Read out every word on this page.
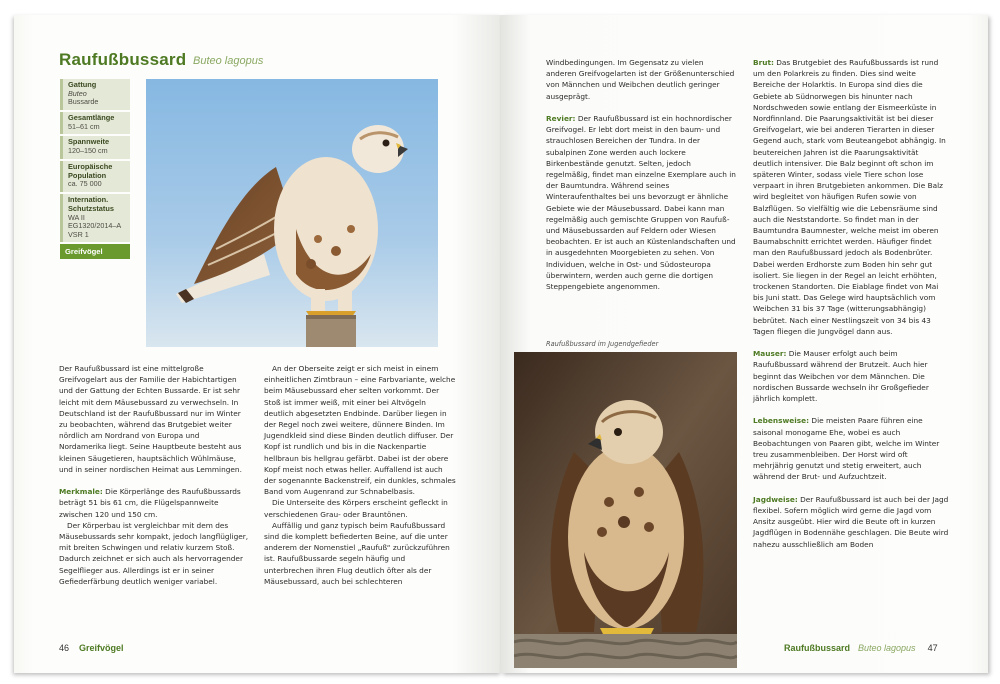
Raufußbussard Buteo lagopus
Gattung
Buteo
Bussarde
Gesamtlänge
51–61 cm
Spannweite
120–150 cm
Europäische Population
ca. 75 000
Internation. Schutzstatus
WA II
EG1320/2014–A
VSR 1
Greifvögel

Der Raufußbussard ist eine mittelgroße Greifvogelart aus der Familie der Habichtartigen und der Gattung der Echten Bussarde. Er ist sehr leicht mit dem Mäusebussard zu verwechseln. In Deutschland ist der Raufußbussard nur im Winter zu beobachten, während das Brutgebiet weiter nördlich am Nordrand von Europa und Nordamerika liegt. Seine Hauptbeute besteht aus kleinen Säugetieren, hauptsächlich Wühlmäuse, und in seiner nordischen Heimat aus Lemmingen.

Merkmale: Die Körperlänge des Raufußbussards beträgt 51 bis 61 cm, die Flügelspannweite zwischen 120 und 150 cm.

Der Körperbau ist vergleichbar mit dem des Mäusebussards sehr kompakt, jedoch langflügliger, mit breiten Schwingen und relativ kurzem Stoß. Dadurch zeichnet er sich auch als hervorragender Segelflieger aus. Allerdings ist er in seiner Gefiederfärbung deutlich weniger variabel.

An der Oberseite zeigt er sich meist in einem einheitlichen Zimtbraun – eine Farbvariante, welche beim Mäusebussard eher selten vorkommt. Der Stoß ist immer weiß, mit einer bei Altvögeln deutlich abgesetzten Endbinde. Darüber liegen in der Regel noch zwei weitere, dünnere Binden. Im Jugendkleid sind diese Binden deutlich diffuser. Der Kopf ist rundlich und bis in die Nackenpartie hellbraun bis hellgrau gefärbt. Dabei ist der obere Kopf meist noch etwas heller. Auffallend ist auch der sogenannte Backenstreif, ein dunkles, schmales Band vom Augenrand zur Schnabelbasis.

Die Unterseite des Körpers erscheint gefleckt in verschiedenen Grau- oder Brauntönen.

Auffällig und ganz typisch beim Raufußbussard sind die komplett befiederten Beine, auf die unter anderem der Nomenstiel „Raufuß“ zurückzuführen ist. Raufußbussarde segeln häufig und unterbrechen ihren Flug deutlich öfter als der Mäusebussard, auch bei schlechteren

46 Greifvögel

Windbedingungen. Im Gegensatz zu vielen anderen Greifvogelarten ist der Größenunterschied von Männchen und Weibchen deutlich geringer ausgeprägt.

Revier: Der Raufußbussard ist ein hochnordischer Greifvogel. Er lebt dort meist in den baum- und strauchlosen Bereichen der Tundra. In der subalpinen Zone werden auch lockere Birkenbestände genutzt. Selten, jedoch regelmäßig, findet man einzelne Exemplare auch in der Baumtundra. Während seines Winteraufenthaltes bei uns bevorzugt er ähnliche Gebiete wie der Mäusebussard. Dabei kann man regelmäßig auch gemischte Gruppen von Raufuß- und Mäusebussarden auf Feldern oder Wiesen beobachten. Er ist auch an Küstenlandschaften und in ausgedehnten Moorgebieten zu sehen. Von Individuen, welche in Ost- und Südosteuropa überwintern, werden auch gerne die dortigen Steppengebiete angenommen.

Raufußbussard im Jugendgefieder

Brut: Das Brutgebiet des Raufußbussards ist rund um den Polarkreis zu finden. Dies sind weite Bereiche der Holarktis. In Europa sind dies die Gebiete ab Südnorwegen bis hinunter nach Nordschweden sowie entlang der Eismeerküste in Nordfinnland. Die Paarungsaktivität ist bei dieser Greifvogelart, wie bei anderen Tierarten in dieser Gegend auch, stark vom Beuteangebot abhängig. In beutereichen Jahren ist die Paarungsaktivität deutlich intensiver. Die Balz beginnt oft schon im späteren Winter, sodass viele Tiere schon lose verpaart in ihren Brutgebieten ankommen. Die Balz wird begleitet von häufigen Rufen sowie von Balzflügen. So vielfältig wie die Lebensräume sind auch die Neststandorte. So findet man in der Baumtundra Baumnester, welche meist im oberen Baumabschnitt errichtet werden. Häufiger findet man den Raufußbussard jedoch als Bodenbrüter. Dabei werden Erdhorste zum Boden hin sehr gut isoliert. Sie liegen in der Regel an leicht erhöhten, trockenen Standorten. Die Eiablage findet von Mai bis Juni statt. Das Gelege wird hauptsächlich vom Weibchen 31 bis 37 Tage (witterungsabhängig) bebrütet. Nach einer Nestlingszeit von 34 bis 43 Tagen fliegen die Jungvögel dann aus.

Mauser: Die Mauser erfolgt auch beim Raufußbussard während der Brutzeit. Auch hier beginnt das Weibchen vor dem Männchen. Die nordischen Bussarde wechseln ihr Großgefieder jährlich komplett.

Lebensweise: Die meisten Paare führen eine saisonal monogame Ehe, wobei es auch Beobachtungen von Paaren gibt, welche im Winter treu zusammenbleiben. Der Horst wird oft mehrjährig genutzt und stetig erweitert, auch während der Brut- und Aufzuchtzeit.

Jagdweise: Der Raufußbussard ist auch bei der Jagd flexibel. Sofern möglich wird gerne die Jagd vom Ansitz ausgeübt. Hier wird die Beute oft in kurzen Jagdflügen in Bodennähe geschlagen. Die Beute wird nahezu ausschließlich am Boden

Raufußbussard Buteo lagopus 47
